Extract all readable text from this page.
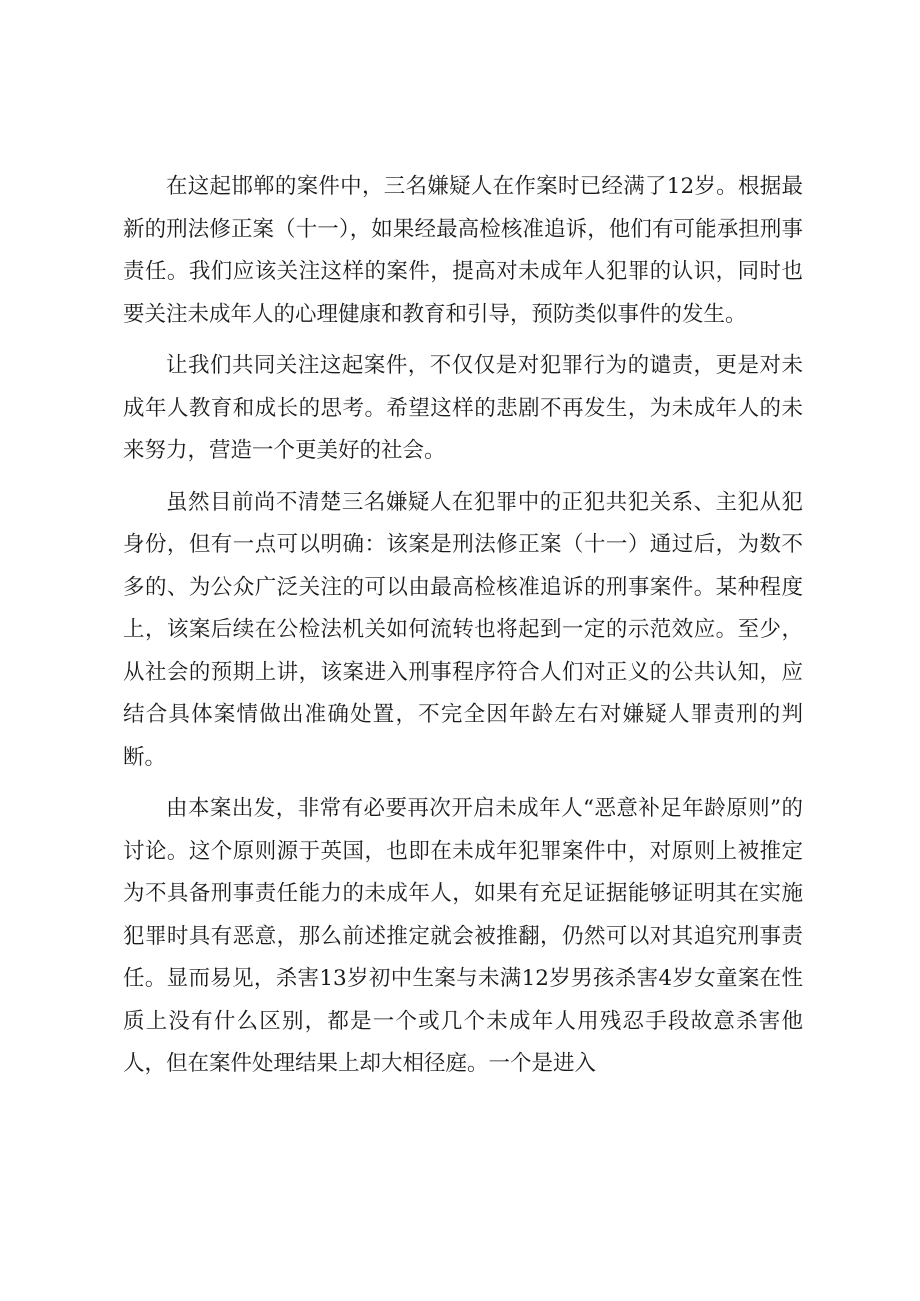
在这起邯郸的案件中，三名嫌疑人在作案时已经满了12岁。根据最新的刑法修正案（十一），如果经最高检核准追诉，他们有可能承担刑事责任。我们应该关注这样的案件，提高对未成年人犯罪的认识，同时也要关注未成年人的心理健康和教育和引导，预防类似事件的发生。

让我们共同关注这起案件，不仅仅是对犯罪行为的谴责，更是对未成年人教育和成长的思考。希望这样的悲剧不再发生，为未成年人的未来努力，营造一个更美好的社会。

虽然目前尚不清楚三名嫌疑人在犯罪中的正犯共犯关系、主犯从犯身份，但有一点可以明确：该案是刑法修正案（十一）通过后，为数不多的、为公众广泛关注的可以由最高检核准追诉的刑事案件。某种程度上，该案后续在公检法机关如何流转也将起到一定的示范效应。至少，从社会的预期上讲，该案进入刑事程序符合人们对正义的公共认知，应结合具体案情做出准确处置，不完全因年龄左右对嫌疑人罪责刑的判断。

由本案出发，非常有必要再次开启未成年人“恶意补足年龄原则”的讨论。这个原则源于英国，也即在未成年犯罪案件中，对原则上被推定为不具备刑事责任能力的未成年人，如果有充足证据能够证明其在实施犯罪时具有恶意，那么前述推定就会被推翻，仍然可以对其追究刑事责任。显而易见，杀害13岁初中生案与未满12岁男孩杀害4岁女童案在性质上没有什么区别，都是一个或几个未成年人用残忍手段故意杀害他人，但在案件处理结果上却大相径庭。一个是进入
